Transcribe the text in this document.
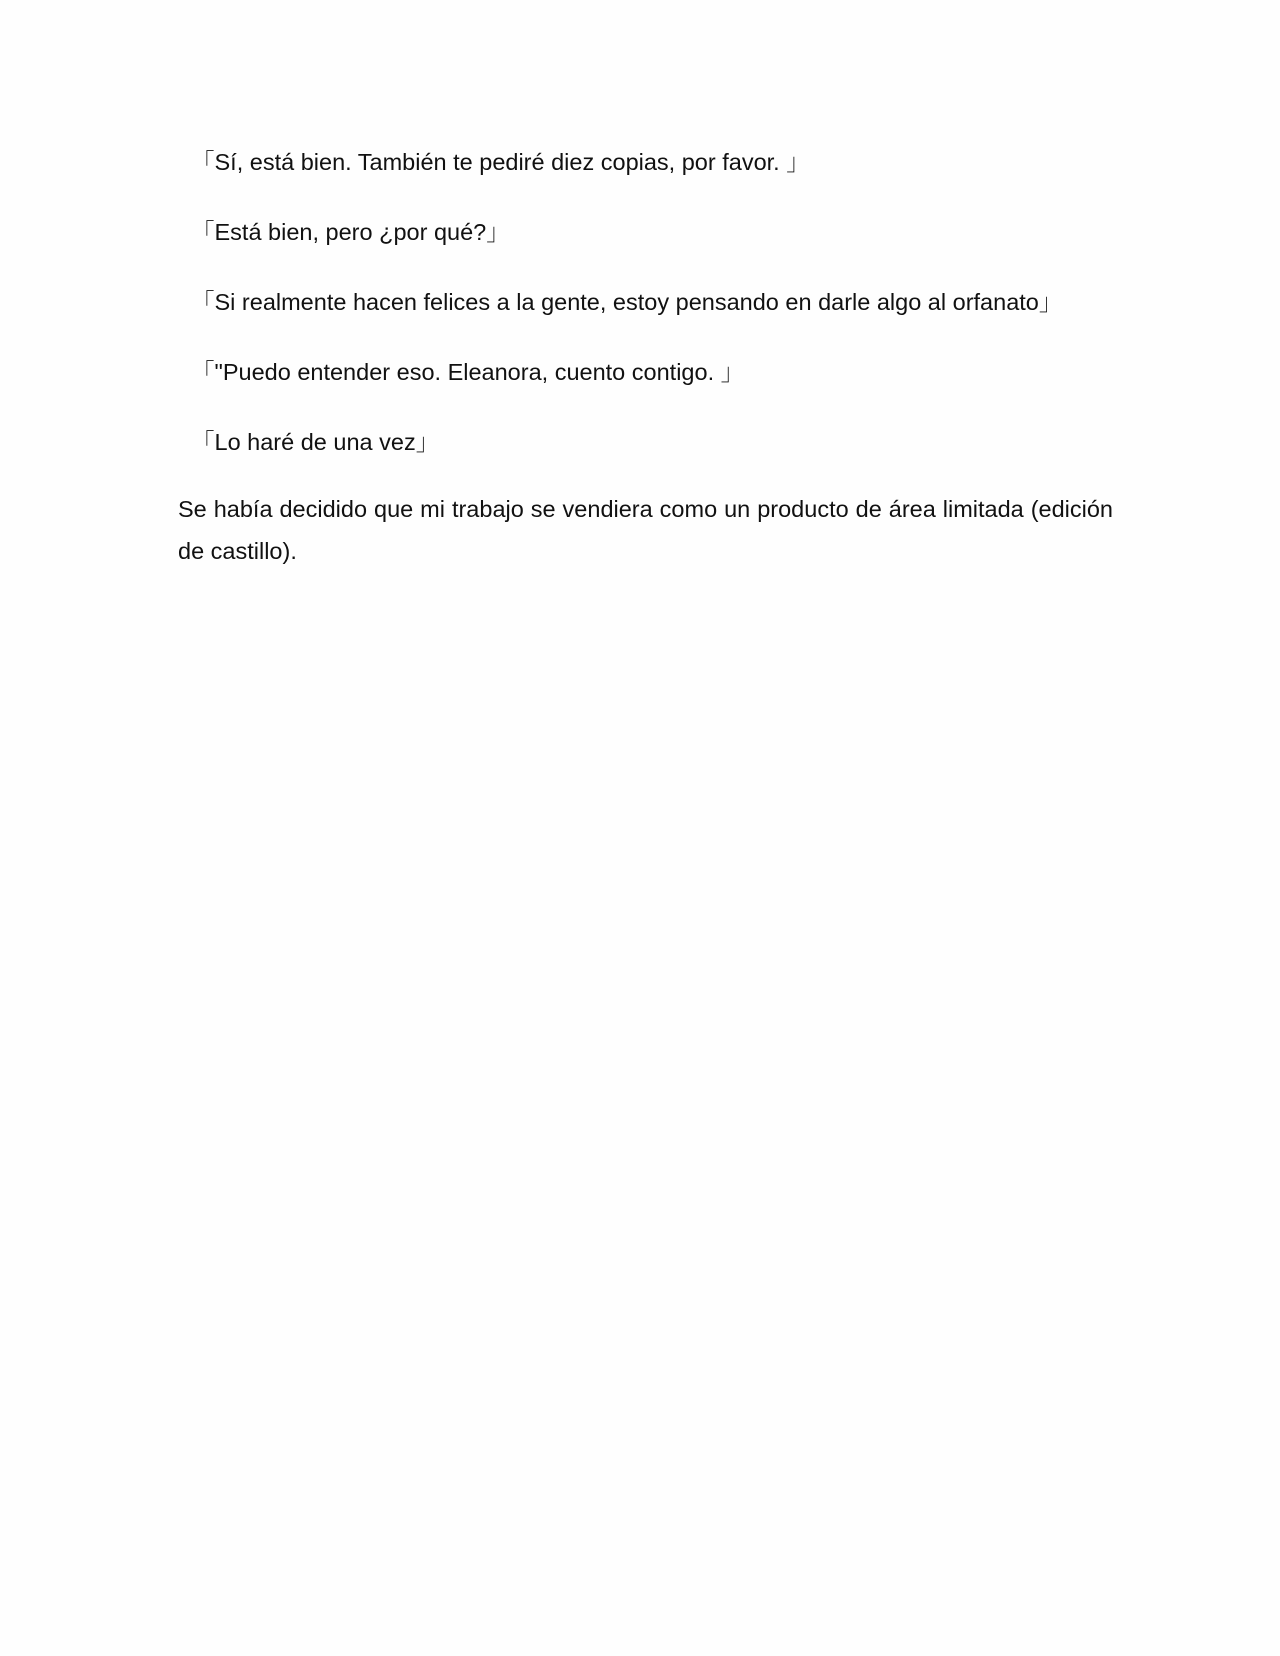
「Sí, está bien. También te pediré diez copias, por favor. 」

「Está bien, pero ¿por qué?」

「Si realmente hacen felices a la gente, estoy pensando en darle algo al orfanato」

「"Puedo entender eso. Eleanora, cuento contigo. 」

「Lo haré de una vez」

Se había decidido que mi trabajo se vendiera como un producto de área limitada (edición de castillo).
